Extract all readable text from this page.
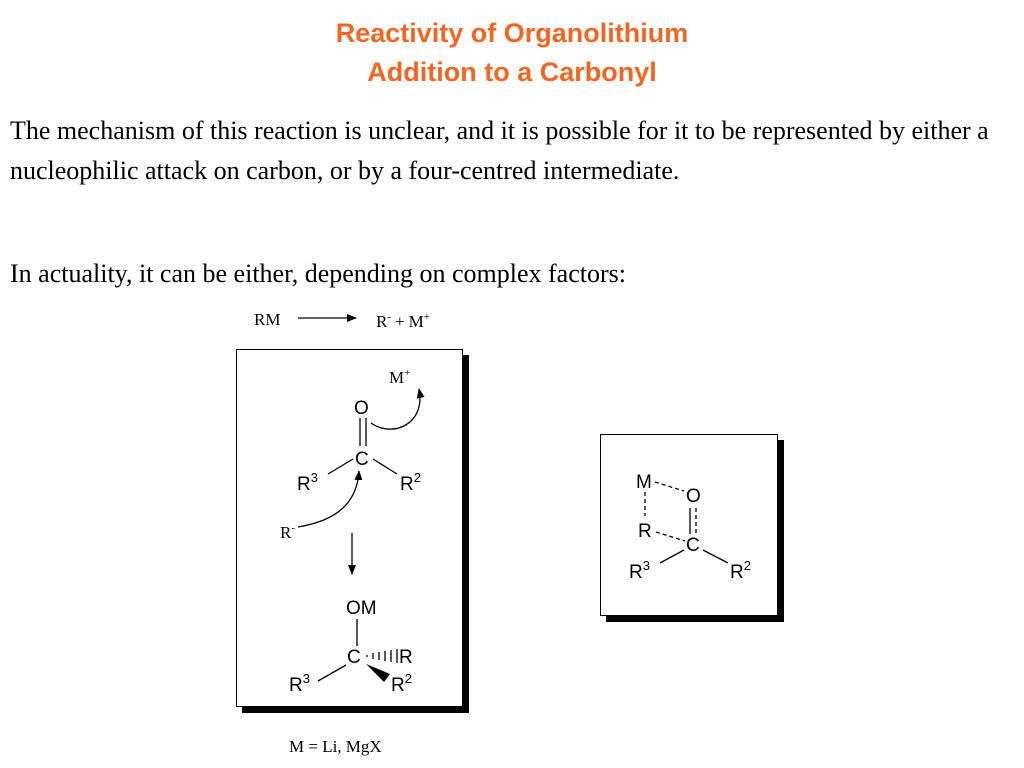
Reactivity of Organolithium
Addition to a Carbonyl
The mechanism of this reaction is unclear, and it is possible for it to be represented by either a nucleophilic attack on carbon, or by a four-centred intermediate.
In actuality, it can be either, depending on complex factors:
RM	R- + M+
M+
O
C
$R^3$	$R^2$
R-
OM
C R
$R^3$	$R^2$
M
O
R
C
$R^3$	$R^2$
M = Li, MgX
